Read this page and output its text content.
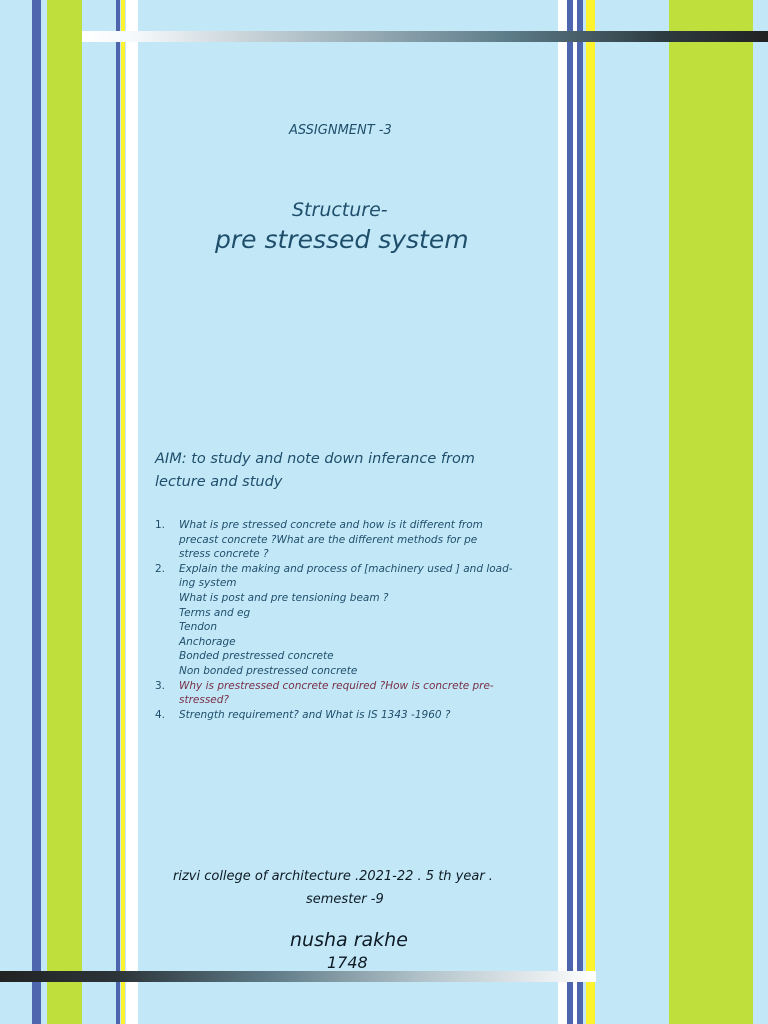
ASSIGNMENT -3
Structure-
pre stressed system
AIM: to study and note down inferance from
lecture and study
1. What is pre stressed concrete and how is it different from
precast concrete ?What are the different methods for pe
stress concrete ?
2. Explain the making and process of [machinery used ] and load-
ing system
What is post and pre tensioning beam ?
Terms and eg
Tendon
Anchorage
Bonded prestressed concrete
Non bonded prestressed concrete
3. Why is prestressed concrete required ?How is concrete pre-
stressed?
4. Strength requirement? and What is IS 1343 -1960 ?
rizvi college of architecture .2021-22 . 5 th year .
semester -9
nusha rakhe
1748
